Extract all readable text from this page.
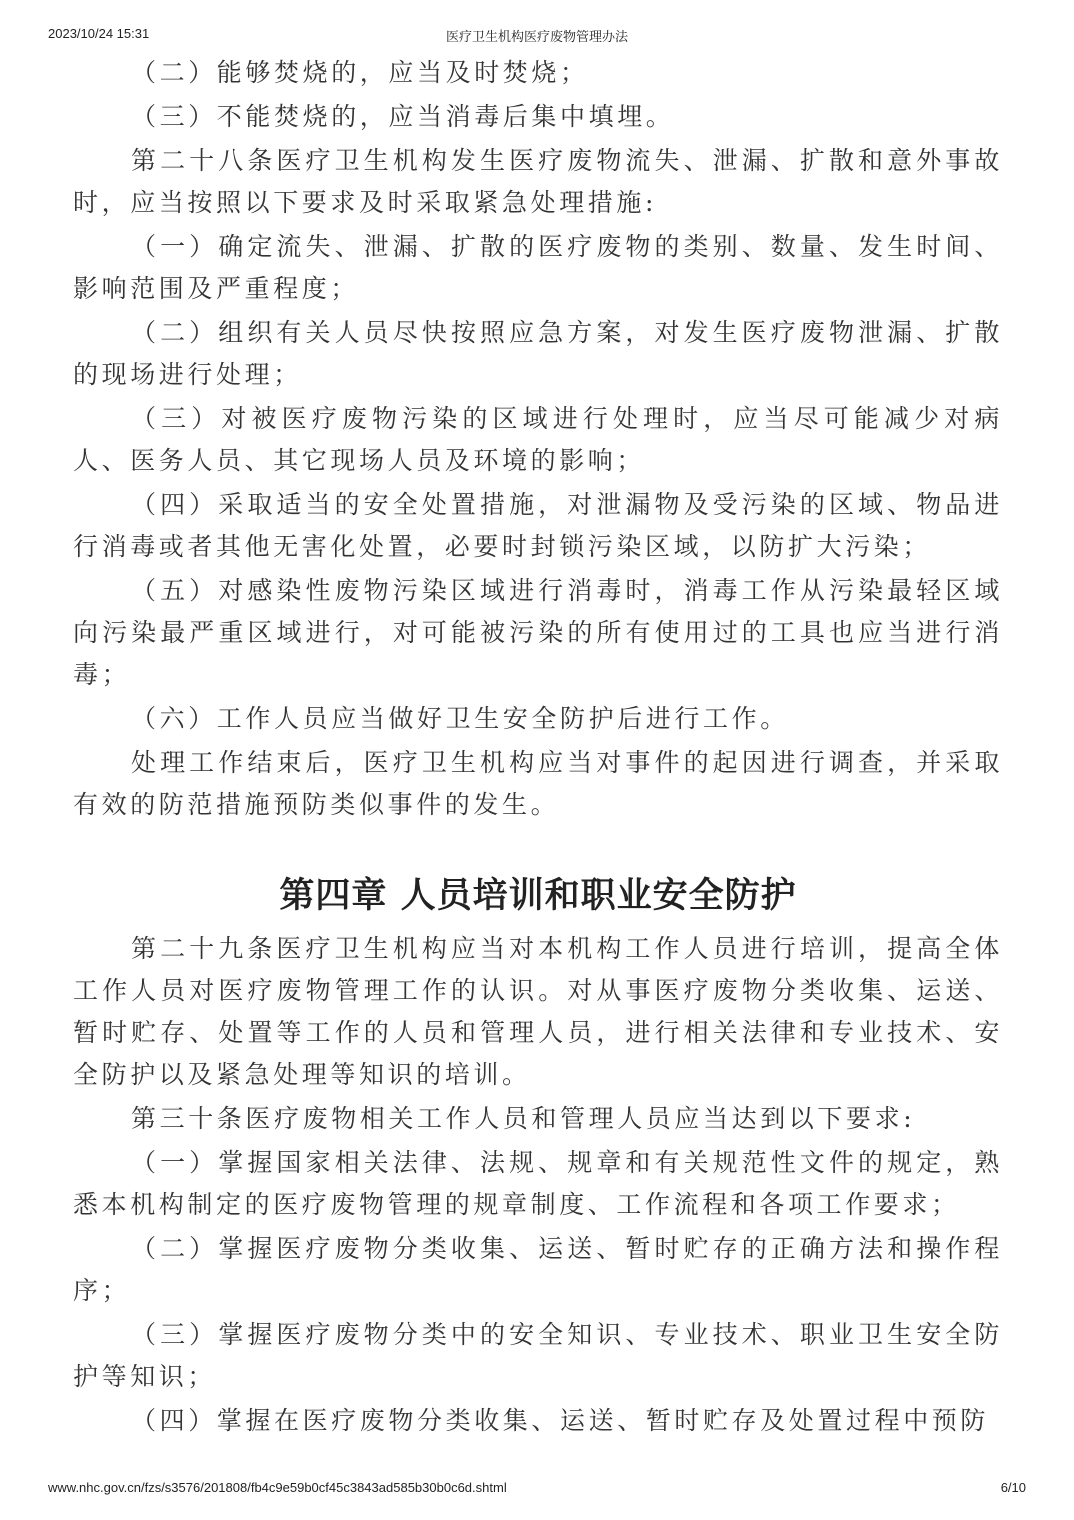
医疗卫生机构医疗废物管理办法
2023/10/24 15:31

（二）能够焚烧的，应当及时焚烧；

（三）不能焚烧的，应当消毒后集中填埋。

第二十八条医疗卫生机构发生医疗废物流失、泄漏、扩散和意外事故时，应当按照以下要求及时采取紧急处理措施:

（一）确定流失、泄漏、扩散的医疗废物的类别、数量、发生时间、影响范围及严重程度；

（二）组织有关人员尽快按照应急方案，对发生医疗废物泄漏、扩散的现场进行处理；

（三）对被医疗废物污染的区域进行处理时，应当尽可能减少对病人、医务人员、其它现场人员及环境的影响；

（四）采取适当的安全处置措施，对泄漏物及受污染的区域、物品进行消毒或者其他无害化处置，必要时封锁污染区域，以防扩大污染；

（五）对感染性废物污染区域进行消毒时，消毒工作从污染最轻区域向污染最严重区域进行，对可能被污染的所有使用过的工具也应当进行消毒；

（六）工作人员应当做好卫生安全防护后进行工作。

处理工作结束后，医疗卫生机构应当对事件的起因进行调查，并采取有效的防范措施预防类似事件的发生。

第四章 人员培训和职业安全防护

第二十九条医疗卫生机构应当对本机构工作人员进行培训，提高全体工作人员对医疗废物管理工作的认识。对从事医疗废物分类收集、运送、暂时贮存、处置等工作的人员和管理人员，进行相关法律和专业技术、安全防护以及紧急处理等知识的培训。

第三十条医疗废物相关工作人员和管理人员应当达到以下要求:

（一）掌握国家相关法律、法规、规章和有关规范性文件的规定，熟悉本机构制定的医疗废物管理的规章制度、工作流程和各项工作要求；

（二）掌握医疗废物分类收集、运送、暂时贮存的正确方法和操作程序；

（三）掌握医疗废物分类中的安全知识、专业技术、职业卫生安全防护等知识；

（四）掌握在医疗废物分类收集、运送、暂时贮存及处置过程中预防

www.nhc.gov.cn/fzs/s3576/201808/fb4c9e59b0cf45c3843ad585b30b0c6d.shtml	6/10
